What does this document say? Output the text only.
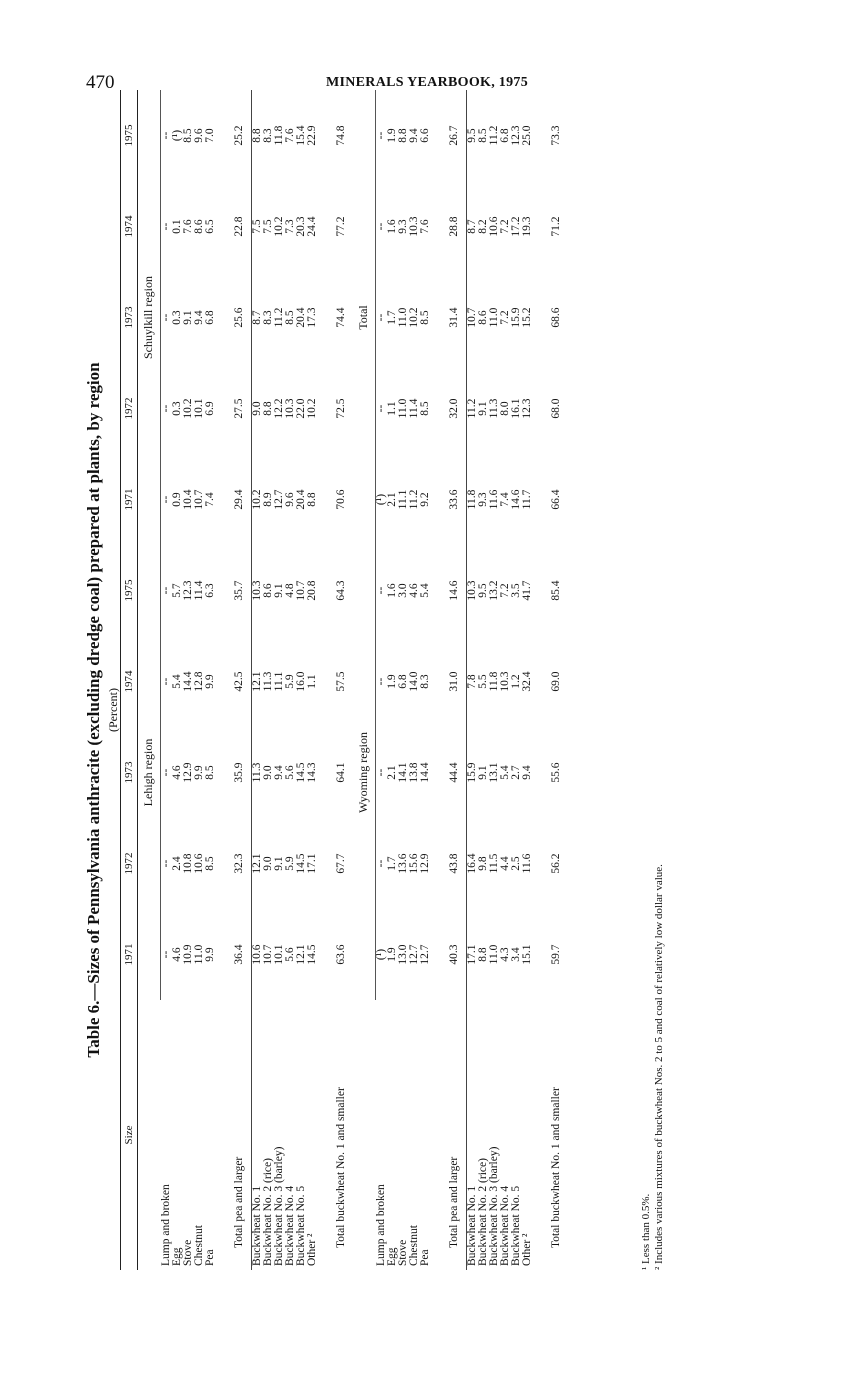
470	MINERALS YEARBOOK, 1975
Table 6.—Sizes of Pennsylvania anthracite (excluding dredge coal) prepared at plants, by region (Percent)
Size	1971	1972	1973	1974	1975	1971	1972	1973	1974	1975
	Lehigh region					Schuylkill region				
Lump and broken	--	--	--	--	--	--	--	--	--	--
Egg	4.6	2.4	4.6	5.4	5.7	0.9	0.3	0.3	0.1	(¹)
Stove	10.9	10.8	12.9	14.4	12.3	10.4	10.2	9.1	7.6	8.5
Chestnut	11.0	10.6	9.9	12.8	11.4	10.7	10.1	9.4	8.6	9.6
Pea	9.9	8.5	8.5	9.9	6.3	7.4	6.9	6.8	6.5	7.0

Total pea and larger	36.4	32.3	35.9	42.5	35.7	29.4	27.5	25.6	22.8	25.2

Buckwheat No. 1	10.6	12.1	11.3	12.1	10.3	10.2	9.0	8.7	7.5	8.8
Buckwheat No. 2 (rice)	10.7	9.0	9.0	11.3	8.6	8.9	8.8	8.3	7.5	8.3
Buckwheat No. 3 (barley)	10.1	9.1	9.4	11.1	9.1	12.7	12.2	11.2	10.2	11.8
Buckwheat No. 4	5.6	5.9	5.6	5.9	4.8	9.6	10.3	8.5	7.3	7.6
Buckwheat No. 5	12.1	14.5	14.5	16.0	10.7	20.4	22.0	20.4	20.3	15.4
Other ²	14.5	17.1	14.3	1.1	20.8	8.8	10.2	17.3	24.4	22.9

Total buckwheat No. 1 and smaller	63.6	67.7	64.1	57.5	64.3	70.6	72.5	74.4	77.2	74.8
	Wyoming region					Total				
Lump and broken	(¹)	--	--	--	--	(¹)	--	--	--	--
Egg	1.9	1.7	2.1	1.9	1.6	2.1	1.1	1.7	1.6	1.9
Stove	13.0	13.6	14.1	6.8	3.0	11.1	11.0	11.0	9.3	8.8
Chestnut	12.7	15.6	13.8	14.0	4.6	11.2	11.4	10.2	10.3	9.4
Pea	12.7	12.9	14.4	8.3	5.4	9.2	8.5	8.5	7.6	6.6

Total pea and larger	40.3	43.8	44.4	31.0	14.6	33.6	32.0	31.4	28.8	26.7

Buckwheat No. 1	17.1	16.4	15.9	7.8	10.3	11.8	11.2	10.7	8.7	9.5
Buckwheat No. 2 (rice)	8.8	9.8	9.1	5.5	9.5	9.3	9.1	8.6	8.2	8.5
Buckwheat No. 3 (barley)	11.0	11.5	13.1	11.8	13.2	11.6	11.3	11.0	10.6	11.2
Buckwheat No. 4	4.3	4.4	5.4	10.3	7.2	7.4	8.0	7.2	7.2	6.8
Buckwheat No. 5	3.4	2.5	2.7	1.2	3.5	14.6	16.1	15.9	17.2	12.3
Other ²	15.1	11.6	9.4	32.4	41.7	11.7	12.3	15.2	19.3	25.0

Total buckwheat No. 1 and smaller	59.7	56.2	55.6	69.0	85.4	66.4	68.0	68.6	71.2	73.3
¹ Less than 0.5%. ² Includes various mixtures of buckwheat Nos. 2 to 5 and coal of relatively low dollar value.
